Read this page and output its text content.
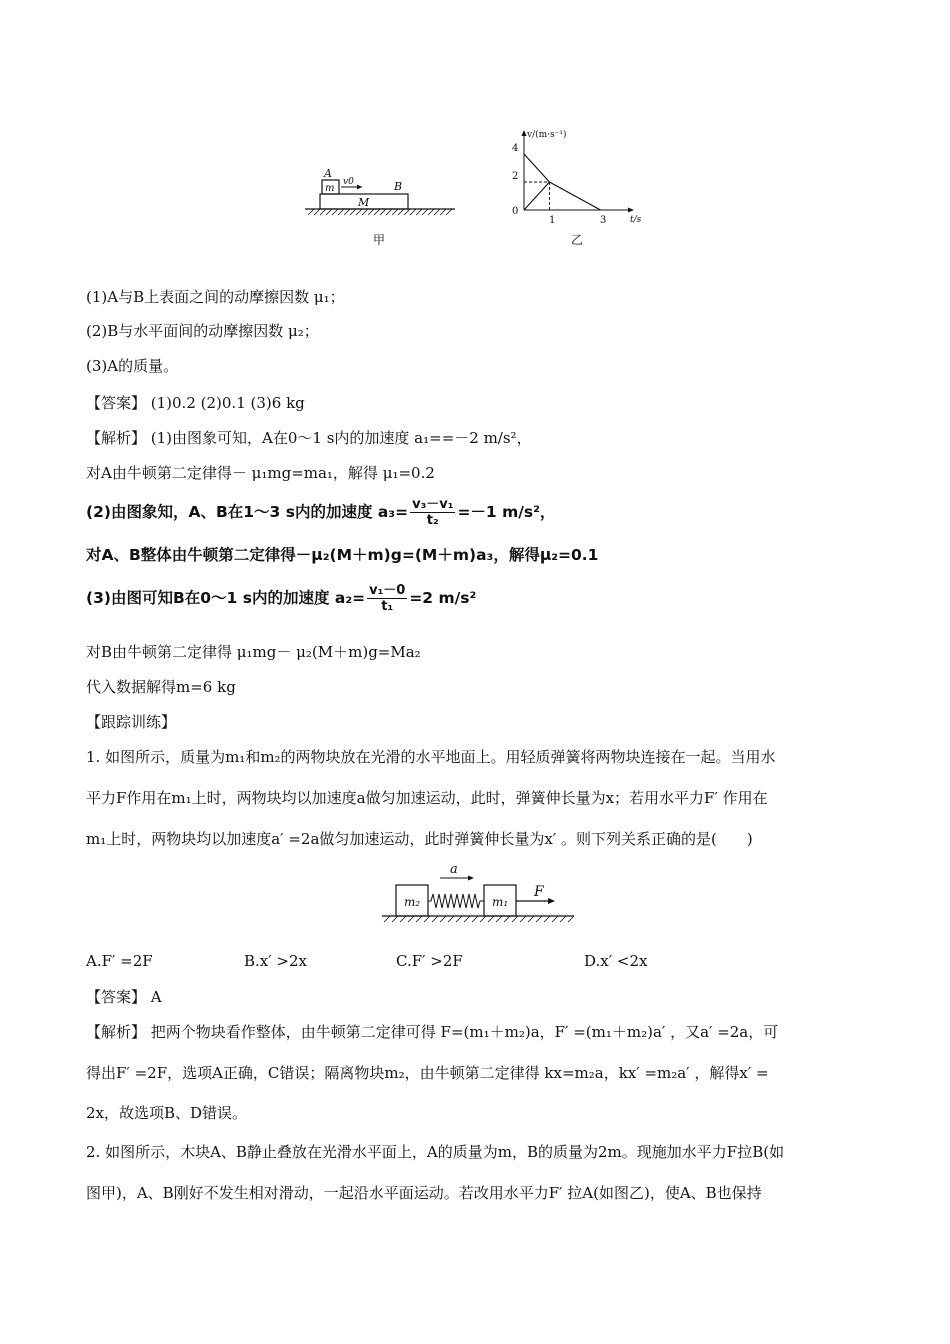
A
m
v0	B
M
甲
v/(m·s⁻¹)
t/s
0
4
2
1	3
乙
(1)A与B上表面之间的动摩擦因数 μ₁；
(2)B与水平面间的动摩擦因数 μ₂；
(3)A的质量。
【答案】 (1)0.2 (2)0.1 (3)6 kg
【解析】 (1)由图象可知，A在0～1 s内的加速度 a₁==－2 m/s²，
对A由牛顿第二定律得－ μ₁mg=ma₁，解得 μ₁=0.2
(2)由图象知，A、B在1～3 s内的加速度 $a_3= \frac{\text{v₃－v₁}}{\text{t₂}} =-1$ m/s²，
对A、B整体由牛顿第二定律得－μ₂(M＋m)g=(M＋m)a₃，解得μ₂=0.1
(3)由图可知B在0～1 s内的加速度 $a_2= \frac{\text{v₁－0}}{\text{t₁}} =2$ m/s²
对B由牛顿第二定律得 μ₁mg－ μ₂(M＋m)g=Ma₂
代入数据解得m=6 kg
【跟踪训练】
1. 如图所示，质量为m₁和m₂的两物块放在光滑的水平地面上。用轻质弹簧将两物块连接在一起。当用水
平力F作用在m₁上时，两物块均以加速度a做匀加速运动，此时，弹簧伸长量为x；若用水平力F′ 作用在
m₁上时，两物块均以加速度a′ =2a做匀加速运动，此时弹簧伸长量为x′ 。则下列关系正确的是(　　)
a
F
m₂	m₁
A.F′ =2F	B.x′ >2x	C.F′ >2F	D.x′ <2x
【答案】 A
【解析】 把两个物块看作整体，由牛顿第二定律可得 F=(m₁＋m₂)a，F′ =(m₁＋m₂)a′ ，又a′ =2a，可
得出F′ =2F，选项A正确，C错误；隔离物块m₂，由牛顿第二定律得 kx=m₂a，kx′ =m₂a′ ，解得x′ =
2x，故选项B、D错误。
2. 如图所示，木块A、B静止叠放在光滑水平面上，A的质量为m，B的质量为2m。现施加水平力F拉B(如
图甲)，A、B刚好不发生相对滑动，一起沿水平面运动。若改用水平力F′ 拉A(如图乙)，使A、B也保持
